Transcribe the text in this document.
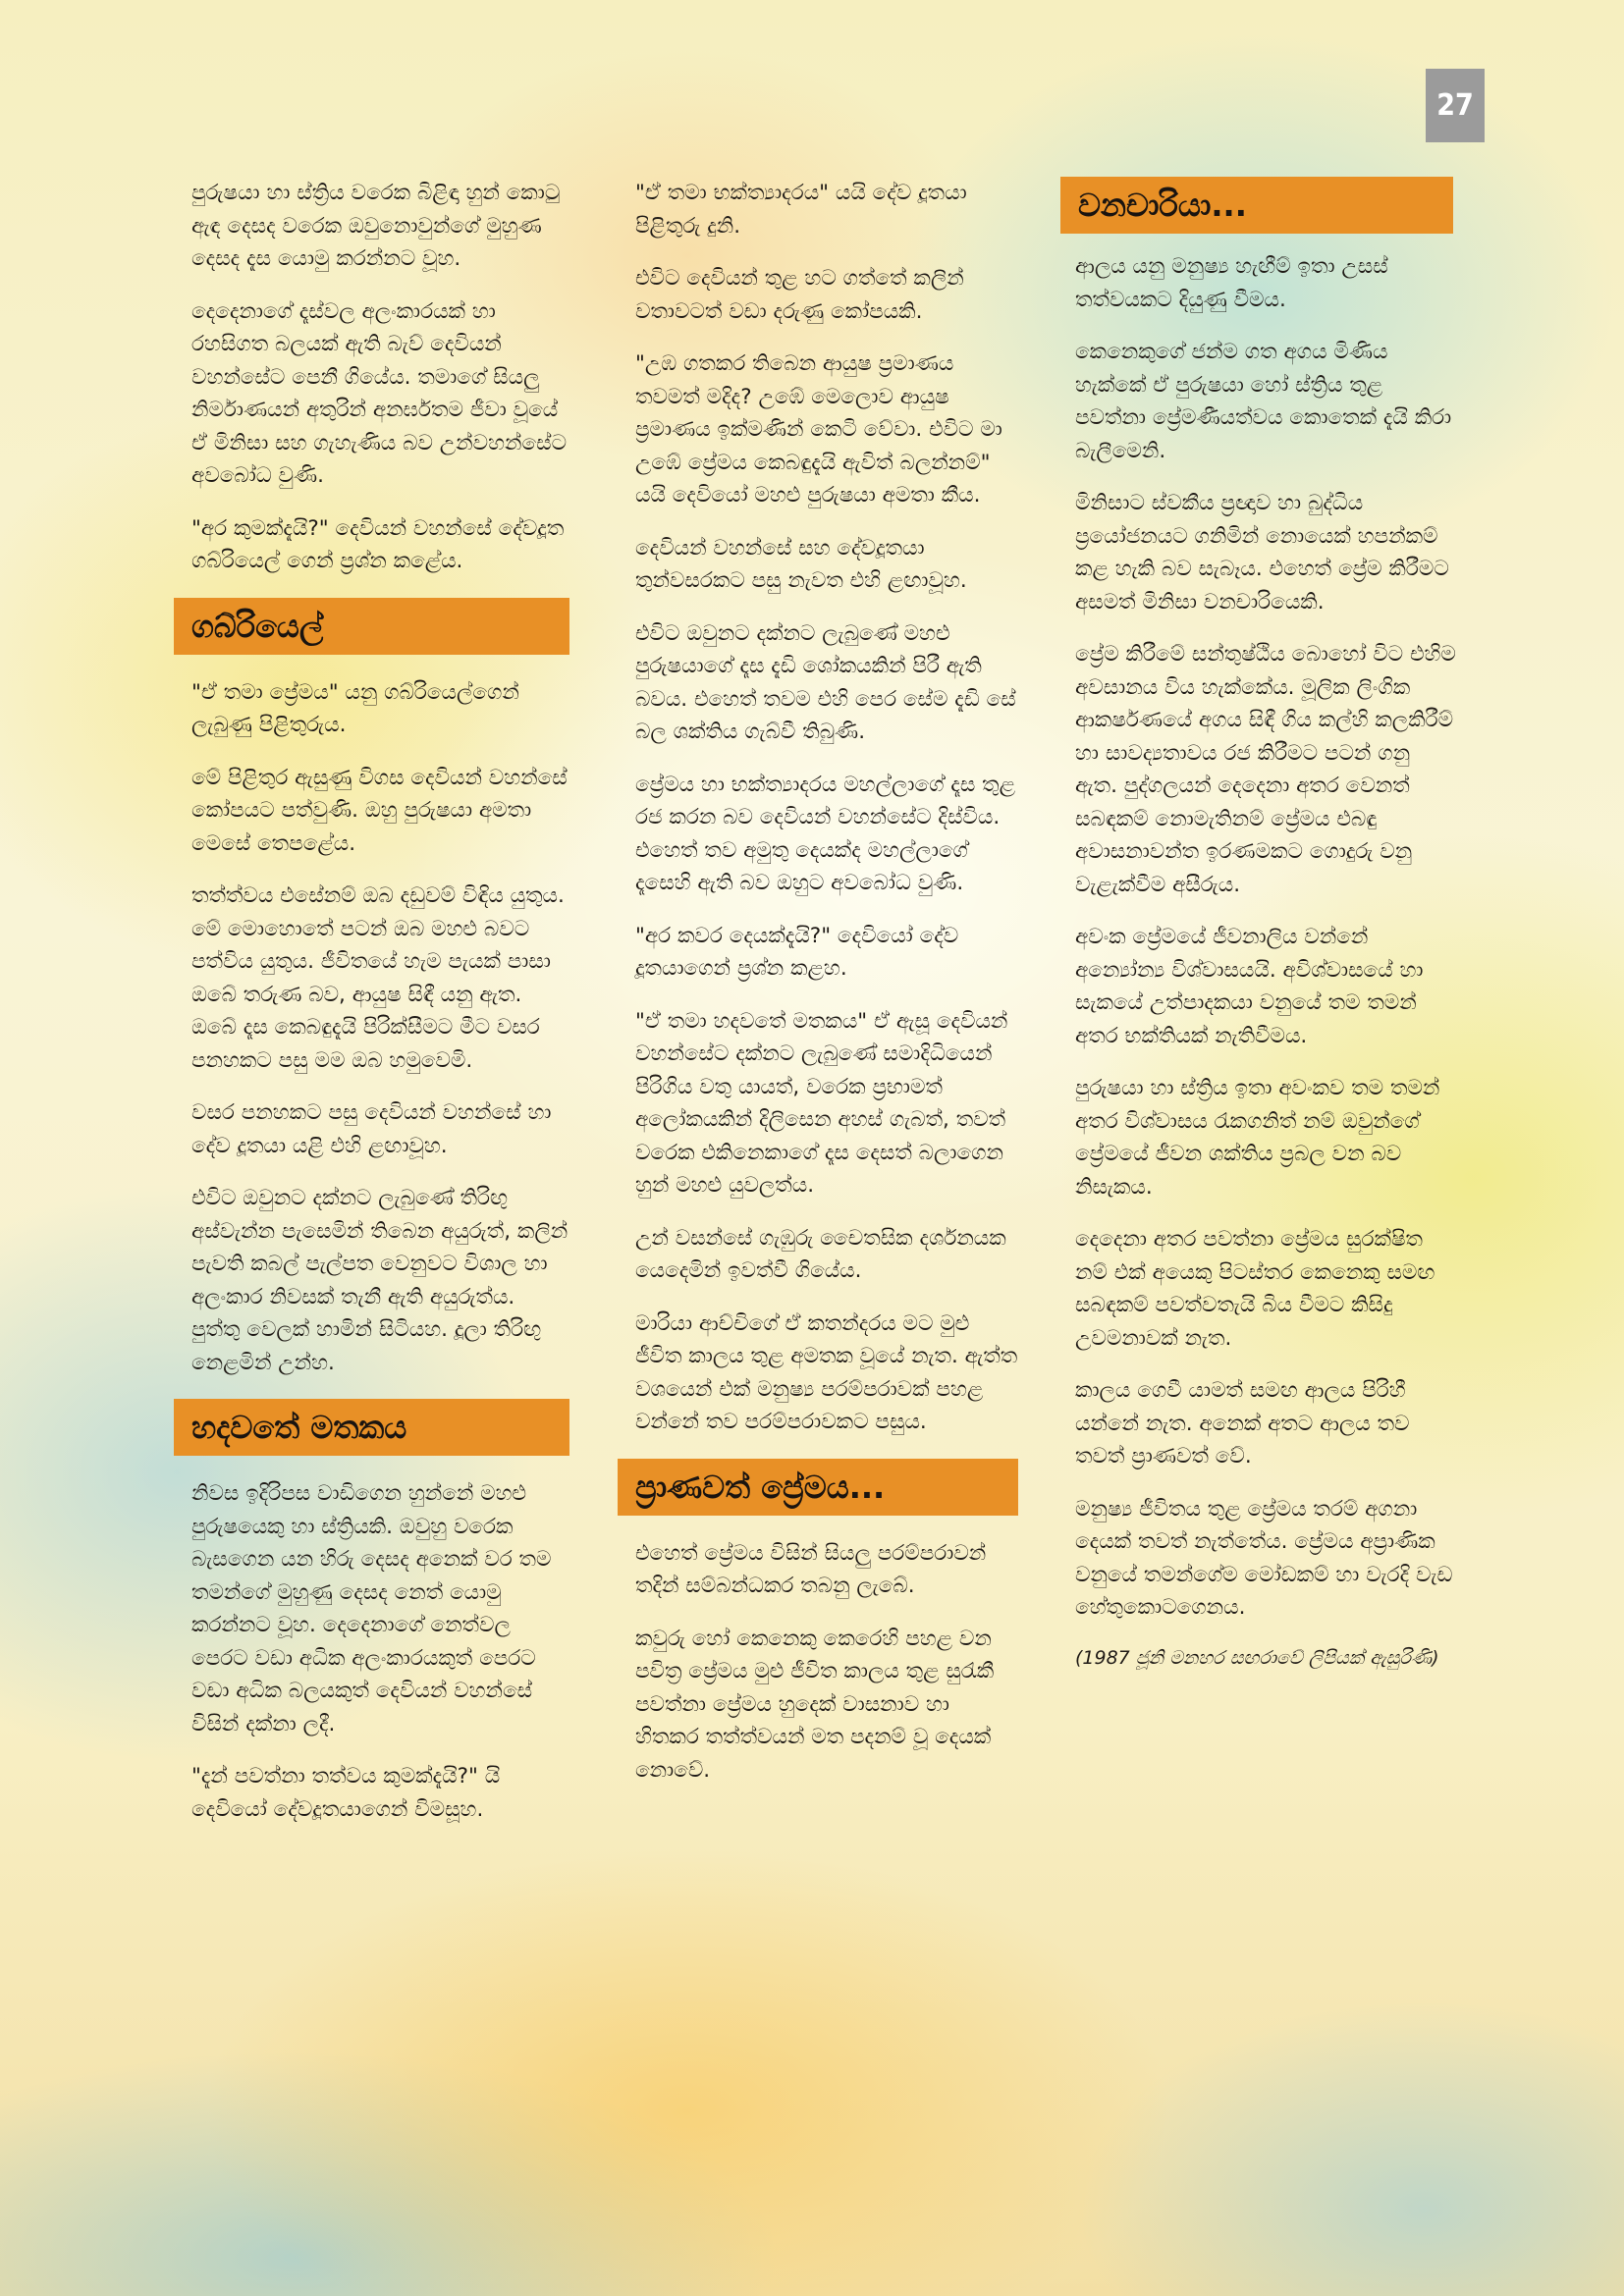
27

පුරුෂයා හා ස්ත්‍රිය වරෙක බිළිඳා හුන් කොටු ඇඳ දෙසද වරෙක ඔවුනොවුන්ගේ මුහුණ දෙසද දැස යොමු කරන්නට වූහ.

දෙදෙනාගේ දෑස්වල අලංකාරයක් හා රහසිගත බලයක් ඇති බැව් දෙවියන් වහන්සේට පෙනී ගියේය. තමාගේ සියලු නිර්මාණයන් අතුරින් අනර්ඝතම ජීවා වූයේ ඒ මිනිසා සහ ගැහැණිය බව උන්වහන්සේට අවබෝධ වුණි.

"අර කුමක්දැයි?" දෙවියන් වහන්සේ දේවදූත ගබ්රියෙල් ගෙන් ප්‍රශ්න කළේය.

ගබ්රියෙල්

"ඒ තමා ප්‍රේමය" යනු ගබ්රියෙල්ගෙන් ලැබුණු පිළිතුරුය.

මේ පිළිතුර ඇසුණු විගස දෙවියන් වහන්සේ කෝපයට පත්වුණි. ඔහු පුරුෂයා අමතා මෙසේ තෙපළේය.

තත්ත්වය එසේනම් ඔබ දඩුවම් විඳිය යුතුය. මේ මොහොතේ පටන් ඔබ මහළු බවට පත්විය යුතුය. ජීවිතයේ හැම පැයක් පාසා ඔබේ තරුණ බව, ආයුෂ සිඳී යනු ඇත. ඔබේ දෑස කෙබඳුදැයි පිරික්සීමට මීට වසර පනහකට පසු මම ඔබ හමුවෙමි.

වසර පනහකට පසු දෙවියන් වහන්සේ හා දේව දූතයා යළි එහි ළඟාවූහ.

එවිට ඔවුනට දක්නට ලැබුණේ තිරිඟු අස්වැන්න පැසෙමින් තිබෙන අයුරුත්, කලින් පැවති කබල් පැල්පත වෙනුවට විශාල හා අලංකාර නිවසක් තැනී ඇති අයුරුත්ය. පුත්තු වෙලක් හාමින් සිටියහ. දූලා තිරිඟු නෙළමින් උන්හ.

හදවතේ මතකය

නිවස ඉදිරිපස වාඩිගෙන හුන්නේ මහළු පුරුෂයෙකු හා ස්ත්‍රියකි. ඔවුහු වරෙක බැසගෙන යන හිරු දෙසද අනෙක් වර තම තමන්ගේ මුහුණු දෙසද නෙත් යොමු කරන්නට වූහ. දෙදෙනාගේ නෙත්වල පෙරට වඩා අධික අලංකාරයකුත් පෙරට වඩා අධික බලයකුත් දෙවියන් වහන්සේ විසින් දක්නා ලදී.

"දැන් පවත්නා තත්වය කුමක්දැයි?" යි දෙවියෝ දේවදූතයාගෙන් විමසූහ.

"ඒ තමා භක්ත්‍යාදරය" යයි දේව දූතයා පිළිතුරු දුනි.

එවිට දෙවියන් තුළ හට ගත්තේ කලින් වතාවටත් වඩා දරුණු කෝපයකි.

"උඹ ගතකර තිබෙන ආයුෂ ප්‍රමාණය තවමත් මදිද? උඹේ මෙලොව ආයුෂ ප්‍රමාණය ඉක්මණින් කෙටි වේවා. එවිට මා උඹේ ප්‍රේමය කෙබඳුදැයි ඇවිත් බලන්නම්" යයි දෙවියෝ මහළු පුරුෂයා අමතා කීය.

දෙවියන් වහන්සේ සහ දේවදූතයා තුන්වසරකට පසු නැවත එහි ළඟාවූහ.

එවිට ඔවුනට දක්නට ලැබුණේ මහළු පුරුෂයාගේ දෑස දැඩි ශෝකයකින් පිරී ඇති බවය. එහෙත් තවම එහි පෙර සේම දැඩි සේ බල ශක්තිය ගැබ්වී තිබුණි.

ප්‍රේමය හා භක්ත්‍යාදරය මහල්ලාගේ දෑස තුළ රජ කරන බව දෙවියන් වහන්සේට දිස්විය. එහෙත් තව අමුතු දෙයක්ද මහල්ලාගේ දෑසෙහි ඇති බව ඔහුට අවබෝධ වුණි.

"අර කවර දෙයක්දැයි?" දෙවියෝ දේව දූතයාගෙන් ප්‍රශ්න කළහ.

"ඒ තමා හදවතේ මතකය" ඒ ඇසූ දෙවියන් වහන්සේට දක්නට ලැබුණේ සමාදිධියෙන් පිරිගිය වතු යායත්, වරෙක ප්‍රභාමත් අලෝකයකින් දිලිසෙන අහස් ගැබත්, තවත් වරෙක එකිනෙකාගේ දෑස දෙසත් බලාගෙන හුන් මහළු යුවලත්ය.

උන් වසන්සේ ගැඹුරු චෛතසික දර්ශනයක යෙදෙමින් ඉවත්වී ගියේය.

මාරියා ආච්චිගේ ඒ කතන්දරය මට මුළු ජීවිත කාලය තුළ අමතක වූයේ නැත. ඇත්ත වශයෙන් එක් මනුෂ්‍ය පරම්පරාවක් පහළ වන්නේ තව පරම්පරාවකට පසුය.

ප්‍රාණවත් ප්‍රේමය...

එහෙත් ප්‍රේමය විසින් සියලු පරම්පරාවන් තදින් සම්බන්ධකර තබනු ලැබේ.

කවුරු හෝ කෙනෙකු කෙරෙහි පහළ වන පවිත්‍ර ප්‍රේමය මුළු ජීවිත කාලය තුළ සුරැකී පවත්නා ප්‍රේමය හුදෙක් වාසනාව හා හිතකර තත්ත්වයන් මත පදනම් වූ දෙයක් නොවේ.

වනචාරියා...

ආලය යනු මනුෂ්‍ය හැඟීම් ඉතා උසස් තත්වයකට දියුණු වීමය.

කෙනෙකුගේ ජන්ම ගත අගය මිණිය හැක්කේ ඒ පුරුෂයා හෝ ස්ත්‍රිය තුළ පවත්නා ප්‍රේමණීයත්වය කොතෙක් දැයි කිරා බැලීමෙනි.

මිනිසාට ස්වකීය ප්‍රඥාව හා බුද්ධිය ප්‍රයෝජනයට ගනිමින් නොයෙක් හපන්කම් කළ හැකි බව සැබෑය. එහෙත් ප්‍රේම කිරීමට අසමත් මිනිසා වනචාරියෙකි.

ප්‍රේම කිරීමේ සන්තුෂ්ඨිය බොහෝ විට එහිම අවසානය විය හැක්කේය. මූලික ලිංගික ආකර්ෂණයේ අගය සිඳී ගිය කල්හි කලකිරීම් හා සාවද්‍යතාවය රජ කිරීමට පටන් ගනු ඇත. පුද්ගලයන් දෙදෙනා අතර වෙනත් සබඳකම් නොමැතිනම් ප්‍රේමය එබඳු අවාසනාවන්ත ඉරණමකට ගොදුරු වනු වැළැක්වීම අසීරුය.

අවංක ප්‍රේමයේ ජීවනාලිය වන්නේ අන්‍යෝන්‍ය විශ්වාසයයි. අවිශ්වාසයේ හා සැකයේ උත්පාදකයා වනුයේ තම තමන් අතර භක්තියක් නැතිවීමය.

පුරුෂයා හා ස්ත්‍රිය ඉතා අවංකව තම තමන් අතර විශ්වාසය රැකගනිත් නම් ඔවුන්ගේ ප්‍රේමයේ ජීවන ශක්තිය ප්‍රබල වන බව නිසැකය.

දෙදෙනා අතර පවත්නා ප්‍රේමය සුරක්ෂිත නම් එක් අයෙකු පිටස්තර කෙනෙකු සමඟ සබඳකම් පවත්වතැයි බිය වීමට කිසිදු උවමනාවක් නැත.

කාලය ගෙවී යාමත් සමඟ ආලය පිරිහී යන්නේ නැත. අනෙක් අතට ආලය තව තවත් ප්‍රාණවත් වේ.

මනුෂ්‍ය ජීවිතය තුළ ප්‍රේමය තරම් අගනා දෙයක් තවත් නැත්තේය. ප්‍රේමය අප්‍රාණික වනුයේ තමන්ගේම මෝඩකම් හා වැරදි වැඩ හේතුකොටගෙනය.

(1987 ජූනි මනහර සඟරාවේ ලිපියක් ඇසුරිණි)
